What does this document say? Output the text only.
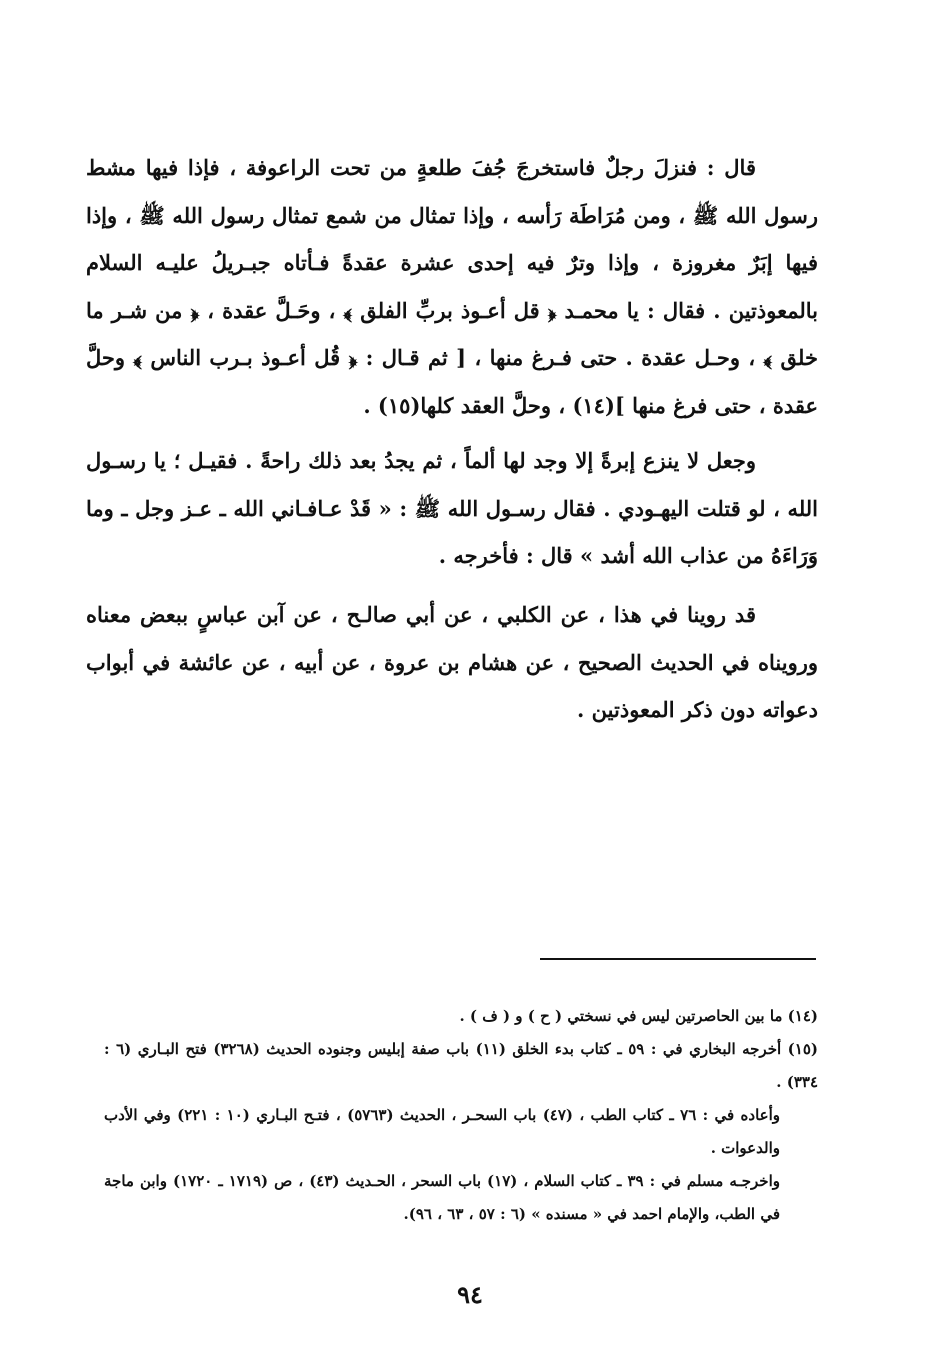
قال : فنزلَ رجلٌ فاستخرجَ جُفَ طلعةٍ من تحت الراعوفة ، فإذا فيها مشط رسول الله ﷺ ، ومن مُرَاطَة رَأسه ، وإذا تمثال من شمع تمثال رسول الله ﷺ ، وإذا فيها إبَرٌ مغروزة ، وإذا وترٌ فيه إحدى عشرة عقدةً فـأتاه جبـريلُ عليـه السلام بالمعوذتين . فقال : يا محمـد ﴿ قل أعـوذ بربِّ الفلق ﴾ ، وحَـلَّ عقدة ، ﴿ من شـر ما خلق ﴾ ، وحـل عقدة . حتى فـرغ منها ، [ ثم قـال : ﴿ قُل أعـوذ بـرب الناس ﴾ وحلَّ عقدة ، حتى فرغ منها ](١٤) ، وحلَّ العقد كلها(١٥) .

وجعل لا ينزع إبرةً إلا وجد لها ألماً ، ثم يجدُ بعد ذلك راحةً . فقيـل ؛ يا رسـول الله ، لو قتلت اليهـودي . فقال رسـول الله ﷺ : « قَدْ عـافـاني الله ـ عـز وجل ـ وما وَرَاءَهُ من عذاب الله أشد » قال : فأخرجه .

قد روينا في هذا ، عن الكلبي ، عن أبي صالـح ، عن آبن عباسٍ ببعض معناه ورويناه في الحديث الصحيح ، عن هشام بن عروة ، عن أبيه ، عن عائشة في أبواب دعواته دون ذكر المعوذتين .

(١٤) ما بين الحاصرتين ليس في نسختي ( ح ) و ( ف ) .

(١٥) أخرجه البخاري في : ٥٩ ـ كتاب بدء الخلق (١١) باب صفة إبليس وجنوده الحديث (٣٢٦٨) فتح البـاري (٦ : ٣٣٤) .

وأعاده في : ٧٦ ـ كتاب الطب ، (٤٧) باب السحـر ، الحديث (٥٧٦٣) ، فتـح البـاري (١٠ : ٢٢١) وفي الأدب والدعوات .

واخرجـه مسلم في : ٣٩ ـ كتاب السلام ، (١٧) باب السحر ، الحـديث (٤٣) ، ص (١٧١٩ ـ ١٧٢٠) وابن ماجة في الطب، والإمام احمد في « مسنده » (٦ : ٥٧ ، ٦٣ ، ٩٦).

٩٤
